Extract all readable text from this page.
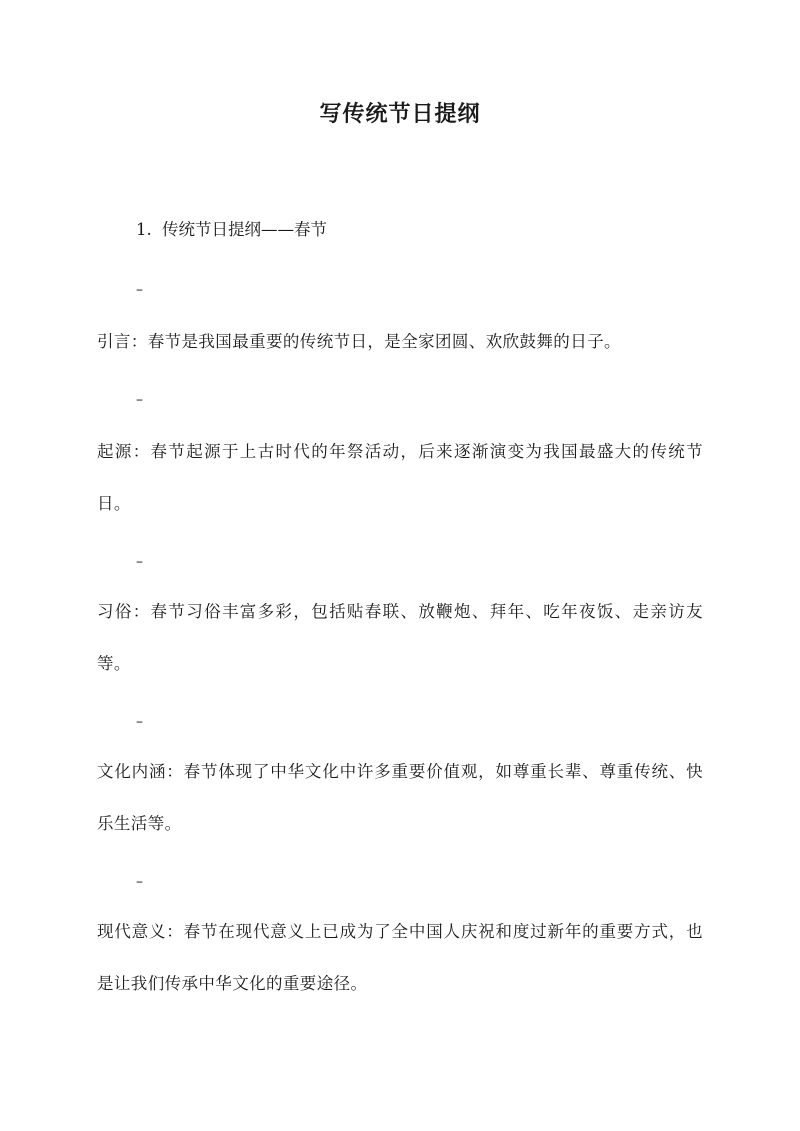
写传统节日提纲
1. 传统节日提纲——春节
–
引言：春节是我国最重要的传统节日，是全家团圆、欢欣鼓舞的日子。
–
起源：春节起源于上古时代的年祭活动，后来逐渐演变为我国最盛大的传统节日。
–
习俗：春节习俗丰富多彩，包括贴春联、放鞭炮、拜年、吃年夜饭、走亲访友等。
–
文化内涵：春节体现了中华文化中许多重要价值观，如尊重长辈、尊重传统、快乐生活等。
–
现代意义：春节在现代意义上已成为了全中国人庆祝和度过新年的重要方式，也是让我们传承中华文化的重要途径。
